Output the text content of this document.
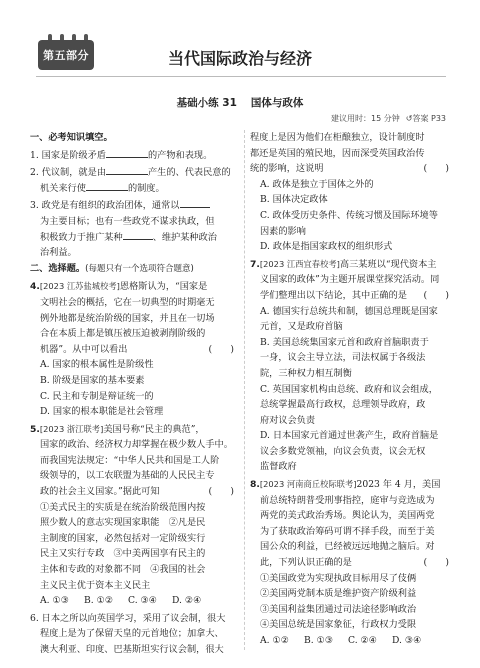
第五部分	当代国际政治与经济
基础小练 31 国体与政体
建议用时：15 分钟 ↺答案 P33
一、必考知识填空。
1. 国家是阶级矛盾	的产物和表现。
2. 代议制，就是由	产生的、代表民意的
机关来行使	的制度。
3. 政党是有组织的政治团体，通常以
为主要目标；也有一些政党不谋求执政，但
积极致力于推广某种	、维护某种政治
治利益。
二、选择题。(每题只有一个选项符合题意)
4.[2023 江苏盐城校考]恩格斯认为，“国家是
文明社会的概括，它在一切典型的时期毫无
例外地都是统治阶级的国家，并且在一切场
合在本质上都是镇压被压迫被剥削阶级的
机器”。从中可以看出	(　　)
A. 国家的根本属性是阶级性
B. 阶级是国家的基本要素
C. 民主和专制是辩证统一的
D. 国家的根本职能是社会管理
5.[2023 浙江联考]美国号称“民主的典范”，
国家的政治、经济权力却掌握在极少数人手中。
而我国宪法规定：“中华人民共和国是工人阶
级领导的，以工农联盟为基础的人民民主专
政的社会主义国家。”据此可知	(　　)
①美式民主的实质是在统治阶级范围内按
照少数人的意志实现国家职能　②凡是民
主制度的国家，必然包括对一定阶级实行
民主又实行专政　③中美两国享有民主的
主体和专政的对象都不同　④我国的社会
主义民主优于资本主义民主
A. ①③	B. ①②	C. ③④	D. ②④
6. 日本之所以向英国学习，采用了议会制，很大
程度上是为了保留天皇的元首地位；加拿大、
澳大利亚、印度、巴基斯坦实行议会制，很大
程度上是因为他们在柜酿独立，设计制度时
都还是英国的殖民地，因而深受英国政治传
统的影响，这说明	(　　)
A. 政体是独立于国体之外的
B. 国体决定政体
C. 政体受历史条件、传统习惯及国际环境等
因素的影响
D. 政体是指国家政权的组织形式
7.[2023 江西宜春校考]高三某班以“现代资本主
义国家的政体”为主题开展课堂探究活动。同
学们整理出以下结论，其中正确的是 (　　)
A. 德国实行总统共和制，德国总理既是国家
元首，又是政府首脑
B. 美国总统集国家元首和政府首脑职责于
一身，议会主导立法，司法权属于各级法
院，三种权力相互制衡
C. 英国国家机构由总统、政府和议会组成，
总统掌握最高行政权，总理领导政府，政
府对议会负责
D. 日本国家元首通过世袭产生，政府首脑是
议会多数党领袖，向议会负责，议会无权
监督政府
8.[2023 河南商丘校际联考]2023 年 4 月，美国
前总统特朗普受刑事指控，庭审与竞选成为
两党的美式政治秀场。舆论认为，美国两党
为了获取政治筹码可谓不择手段，而至于美
国公众的利益，已经被远远地抛之脑后。对
此，下列认识正确的是	(　　)
①美国政党为实现执政目标用尽了伎俩
②美国两党制本质是维护资产阶级利益
③美国利益集团通过司法途径影响政治
④美国总统是国家象征，行政权力受限
A. ①②	B. ①③	C. ②④	D. ③④
